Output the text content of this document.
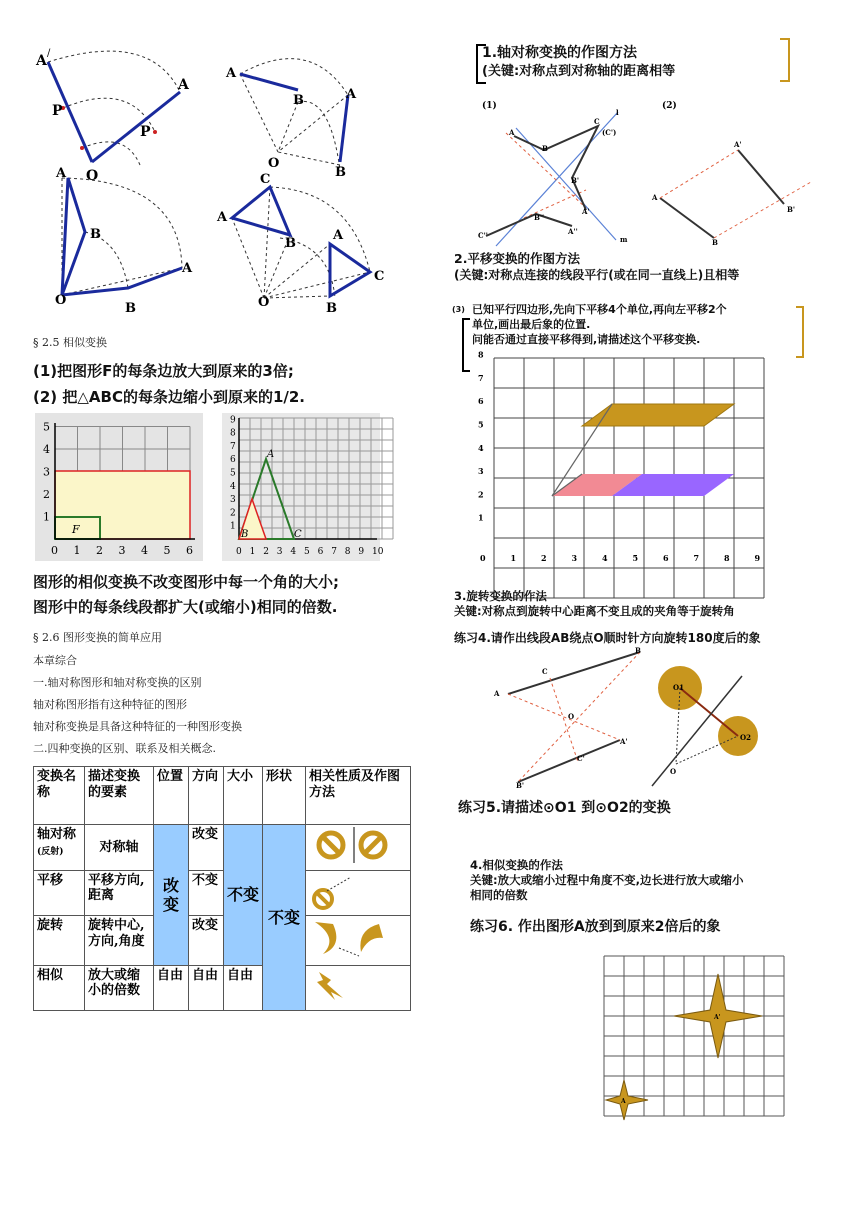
A /
A
P
P
O
A
B	A
O
B
A
B
A
O
B
C
A
B
A
C
O	B
§ 2.5 相似变换
(1)把图形F的每条边放大到原来的3倍;
(2) 把△ABC的每条边缩小到原来的1/2.
F
1
2
3
4
5
0 1 2 3 4 5 6
A
B	C
1
2
3
4
5
6
7
8
9
0 1 2 3 4 5 6 7 8 9 10
图形的相似变换不改变图形中每一个角的大小;
图形中的每条线段都扩大(或缩小)相同的倍数.
§ 2.6 图形变换的简单应用
本章综合
一.轴对称图形和轴对称变换的区别
轴对称图形指有这种特征的图形
轴对称变换是具备这种特征的一种图形变换
二.四种变换的区别、联系及相关概念.
变换名称	描述变换的要素	位置	方向	大小	形状	相关性质及作图方法
轴对称(反射)	对称轴	改变	改变	不变	不变	
平移	平移方向,距离		不变	
旋转	旋转中心,方向,角度		改变	
相似	放大或缩小的倍数	自由	自由	自由	
1.轴对称变换的作图方法
(关键:对称点到对称轴的距离相等
(1)	(2)
A
B
C
(C')
l
B'
A'
B''
A''
C''	m
A
A'
B
B'
2.平移变换的作图方法
(关键:对称点连接的线段平行(或在同一直线上)且相等
(3) 已知平行四边形,先向下平移4个单位,再向左平移2个
单位,画出最后象的位置.
问能否通过直接平移得到,请描述这个平移变换.
1
2
3
4
5
6
7
8
0	1	2	3	4	5	6	7	8	9
3.旋转变换的作法
关键:对称点到旋转中心距离不变且成的夹角等于旋转角
练习4.请作出线段AB绕点O顺时针方向旋转180度后的象
A
B
C
O
A'
B'
C'
O1
O2
O
练习5.请描述⊙O1 到⊙O2的变换
4.相似变换的作法
关键:放大或缩小过程中角度不变,边长进行放大或缩小
相同的倍数
练习6. 作出图形A放到到原来2倍后的象
A'
A
